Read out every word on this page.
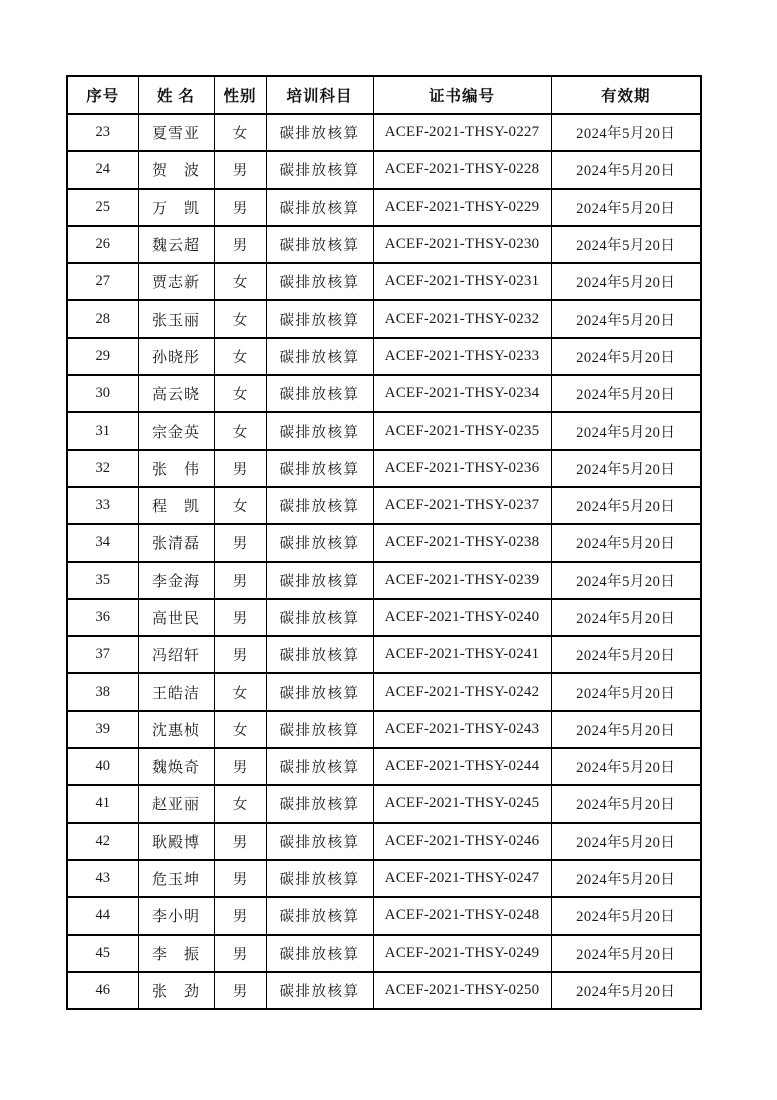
序号	姓 名	性别	培训科目	证书编号	有效期
23	夏雪亚	女	碳排放核算	ACEF-2021-THSY-0227	2024年5月20日
24	贺　波	男	碳排放核算	ACEF-2021-THSY-0228	2024年5月20日
25	万　凯	男	碳排放核算	ACEF-2021-THSY-0229	2024年5月20日
26	魏云超	男	碳排放核算	ACEF-2021-THSY-0230	2024年5月20日
27	贾志新	女	碳排放核算	ACEF-2021-THSY-0231	2024年5月20日
28	张玉丽	女	碳排放核算	ACEF-2021-THSY-0232	2024年5月20日
29	孙晓彤	女	碳排放核算	ACEF-2021-THSY-0233	2024年5月20日
30	高云晓	女	碳排放核算	ACEF-2021-THSY-0234	2024年5月20日
31	宗金英	女	碳排放核算	ACEF-2021-THSY-0235	2024年5月20日
32	张　伟	男	碳排放核算	ACEF-2021-THSY-0236	2024年5月20日
33	程　凯	女	碳排放核算	ACEF-2021-THSY-0237	2024年5月20日
34	张清磊	男	碳排放核算	ACEF-2021-THSY-0238	2024年5月20日
35	李金海	男	碳排放核算	ACEF-2021-THSY-0239	2024年5月20日
36	高世民	男	碳排放核算	ACEF-2021-THSY-0240	2024年5月20日
37	冯绍轩	男	碳排放核算	ACEF-2021-THSY-0241	2024年5月20日
38	王皓洁	女	碳排放核算	ACEF-2021-THSY-0242	2024年5月20日
39	沈惠桢	女	碳排放核算	ACEF-2021-THSY-0243	2024年5月20日
40	魏焕奇	男	碳排放核算	ACEF-2021-THSY-0244	2024年5月20日
41	赵亚丽	女	碳排放核算	ACEF-2021-THSY-0245	2024年5月20日
42	耿殿博	男	碳排放核算	ACEF-2021-THSY-0246	2024年5月20日
43	危玉坤	男	碳排放核算	ACEF-2021-THSY-0247	2024年5月20日
44	李小明	男	碳排放核算	ACEF-2021-THSY-0248	2024年5月20日
45	李　振	男	碳排放核算	ACEF-2021-THSY-0249	2024年5月20日
46	张　劲	男	碳排放核算	ACEF-2021-THSY-0250	2024年5月20日
